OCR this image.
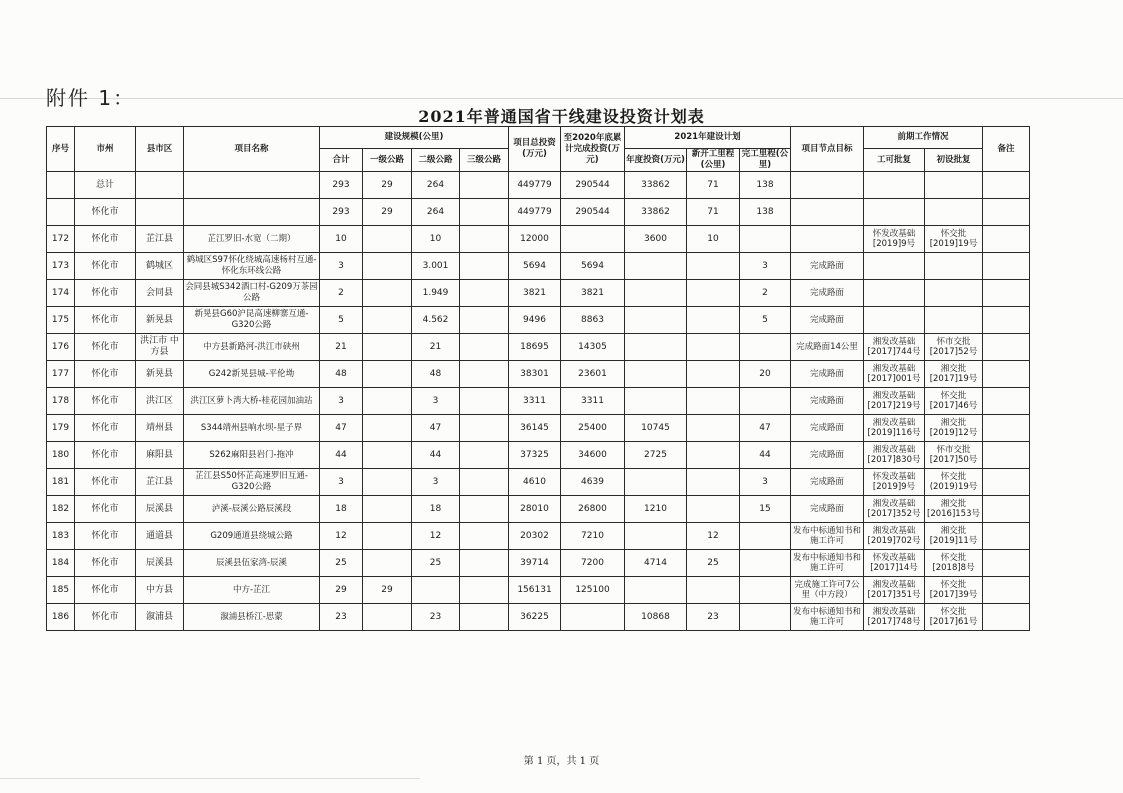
附件 1：
2021年普通国省干线建设投资计划表
序号	市州	县市区	项目名称	建设规模(公里)				项目总投资(万元)	至2020年底累计完成投资(万元)	2021年建设计划			项目节点目标	前期工作情况		备注
				合计	一级公路	二级公路	三级公路			年度投资(万元)	新开工里程(公里)	完工里程(公里)		工可批复	初设批复	
	总计			293	29	264		449779	290544	33862	71	138				
	怀化市			293	29	264		449779	290544	33862	71	138				
172	怀化市	芷江县	芷江罗旧-水宽（二期）	10		10		12000		3600	10			怀发改基础[2019]9号	怀交批[2019]19号	
173	怀化市	鹤城区	鹤城区S97怀化绕城高速杨村互通-怀化东环线公路	3		3.001		5694	5694			3	完成路面			
174	怀化市	会同县	会同县城S342酒口村-G209万茶园公路	2		1.949		3821	3821			2	完成路面			
175	怀化市	新晃县	新晃县G60沪昆高速柳寨互通-G320公路	5		4.562		9496	8863			5	完成路面			
176	怀化市	洪江市 中方县	中方县新路河-洪江市硖州	21		21		18695	14305				完成路面14公里	湘发改基础[2017]744号	怀市交批[2017]52号	
177	怀化市	新晃县	G242新晃县城-平伦坳	48		48		38301	23601			20	完成路面	湘发改基础[2017]001号	湘交批[2017]19号	
178	怀化市	洪江区	洪江区萝卜湾大桥-桂花园加油站	3		3		3311	3311				完成路面	湘发改基础[2017]219号	怀交批[2017]46号	
179	怀化市	靖州县	S344靖州县响水坝-星子界	47		47		36145	25400	10745		47	完成路面	湘发改基础[2019]116号	湘交批[2019]12号	
180	怀化市	麻阳县	S262麻阳县岩门-拖冲	44		44		37325	34600	2725		44	完成路面	湘发改基础[2017]830号	怀市交批[2017]50号	
181	怀化市	芷江县	芷江县S50怀芷高速罗旧互通-G320公路	3		3		4610	4639			3	完成路面	怀发改基础[2019]9号	怀交批(2019)19号	
182	怀化市	辰溪县	泸溪-辰溪公路辰溪段	18		18		28010	26800	1210		15	完成路面	湘发改基础[2017]352号	湘交批[2016]153号	
183	怀化市	通道县	G209通道县绕城公路	12		12		20302	7210		12		发布中标通知书和施工许可	湘发改基础[2019]702号	湘交批[2019]11号	
184	怀化市	辰溪县	辰溪县伍家湾-辰溪	25		25		39714	7200	4714	25		发布中标通知书和施工许可	怀发改基础[2017]14号	怀交批[2018]8号	
185	怀化市	中方县	中方-芷江	29	29			156131	125100				完成施工许可7公里（中方段）	湘发改基础[2017]351号	怀交批[2017]39号	
186	怀化市	溆浦县	溆浦县桥江-思蒙	23		23		36225		10868	23		发布中标通知书和施工许可	湘发改基础[2017]748号	怀交批[2017]61号	
第 1 页，共 1 页
